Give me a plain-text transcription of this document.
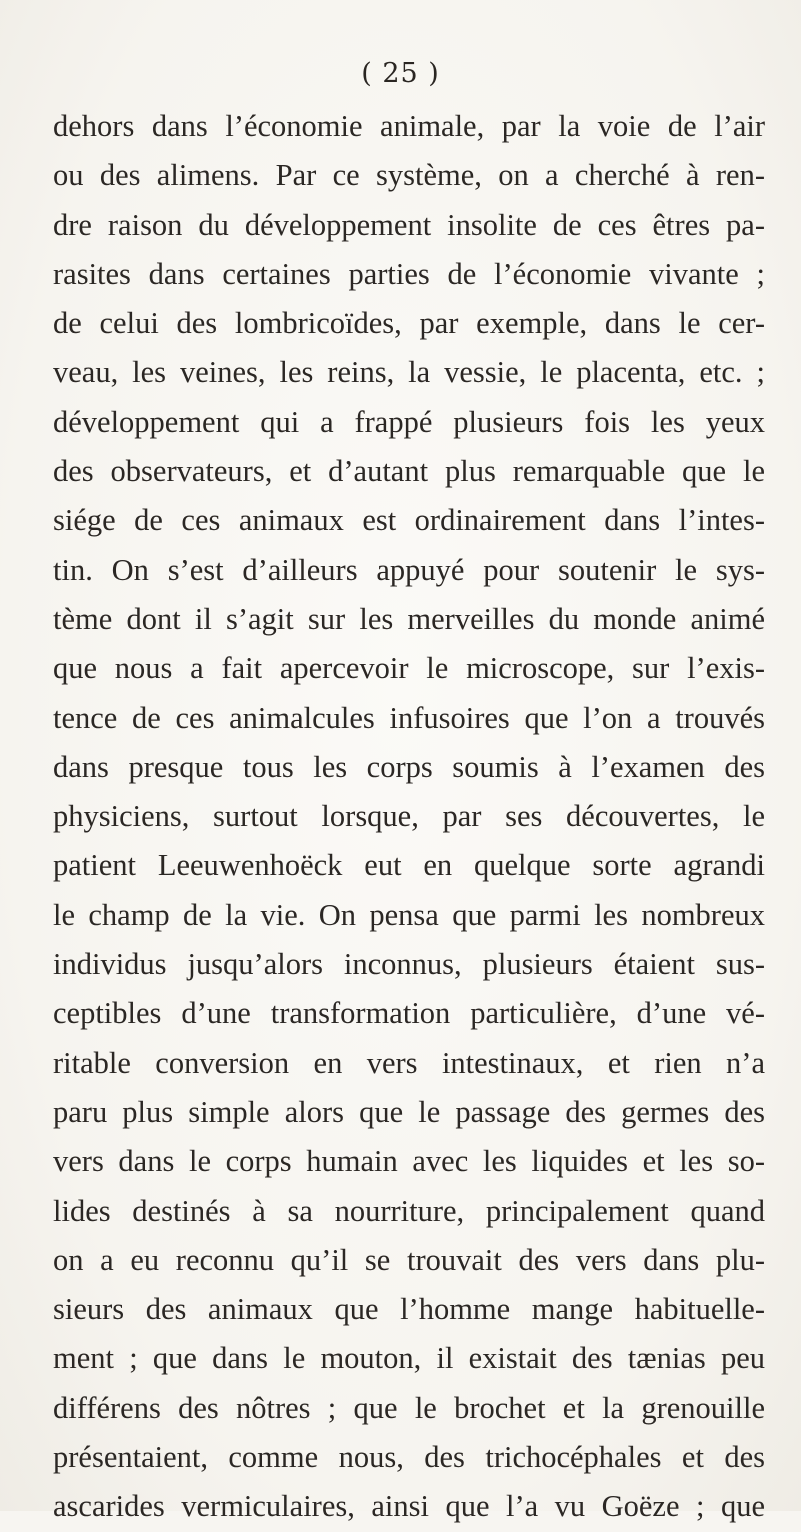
( 25 )
dehors dans l’économie animale, par la voie de l’air
ou des alimens. Par ce système, on a cherché à ren-
dre raison du développement insolite de ces êtres pa-
rasites dans certaines parties de l’économie vivante ;
de celui des lombricoïdes, par exemple, dans le cer-
veau, les veines, les reins, la vessie, le placenta, etc. ;
développement qui a frappé plusieurs fois les yeux
des observateurs, et d’autant plus remarquable que le
siége de ces animaux est ordinairement dans l’intes-
tin. On s’est d’ailleurs appuyé pour soutenir le sys-
tème dont il s’agit sur les merveilles du monde animé
que nous a fait apercevoir le microscope, sur l’exis-
tence de ces animalcules infusoires que l’on a trouvés
dans presque tous les corps soumis à l’examen des
physiciens, surtout lorsque, par ses découvertes, le
patient Leeuwenhoëck eut en quelque sorte agrandi
le champ de la vie. On pensa que parmi les nombreux
individus jusqu’alors inconnus, plusieurs étaient sus-
ceptibles d’une transformation particulière, d’une vé-
ritable conversion en vers intestinaux, et rien n’a
paru plus simple alors que le passage des germes des
vers dans le corps humain avec les liquides et les so-
lides destinés à sa nourriture, principalement quand
on a eu reconnu qu’il se trouvait des vers dans plu-
sieurs des animaux que l’homme mange habituelle-
ment ; que dans le mouton, il existait des tænias peu
différens des nôtres ; que le brochet et la grenouille
présentaient, comme nous, des trichocéphales et des
ascarides vermiculaires, ainsi que l’a vu Goëze ; que
